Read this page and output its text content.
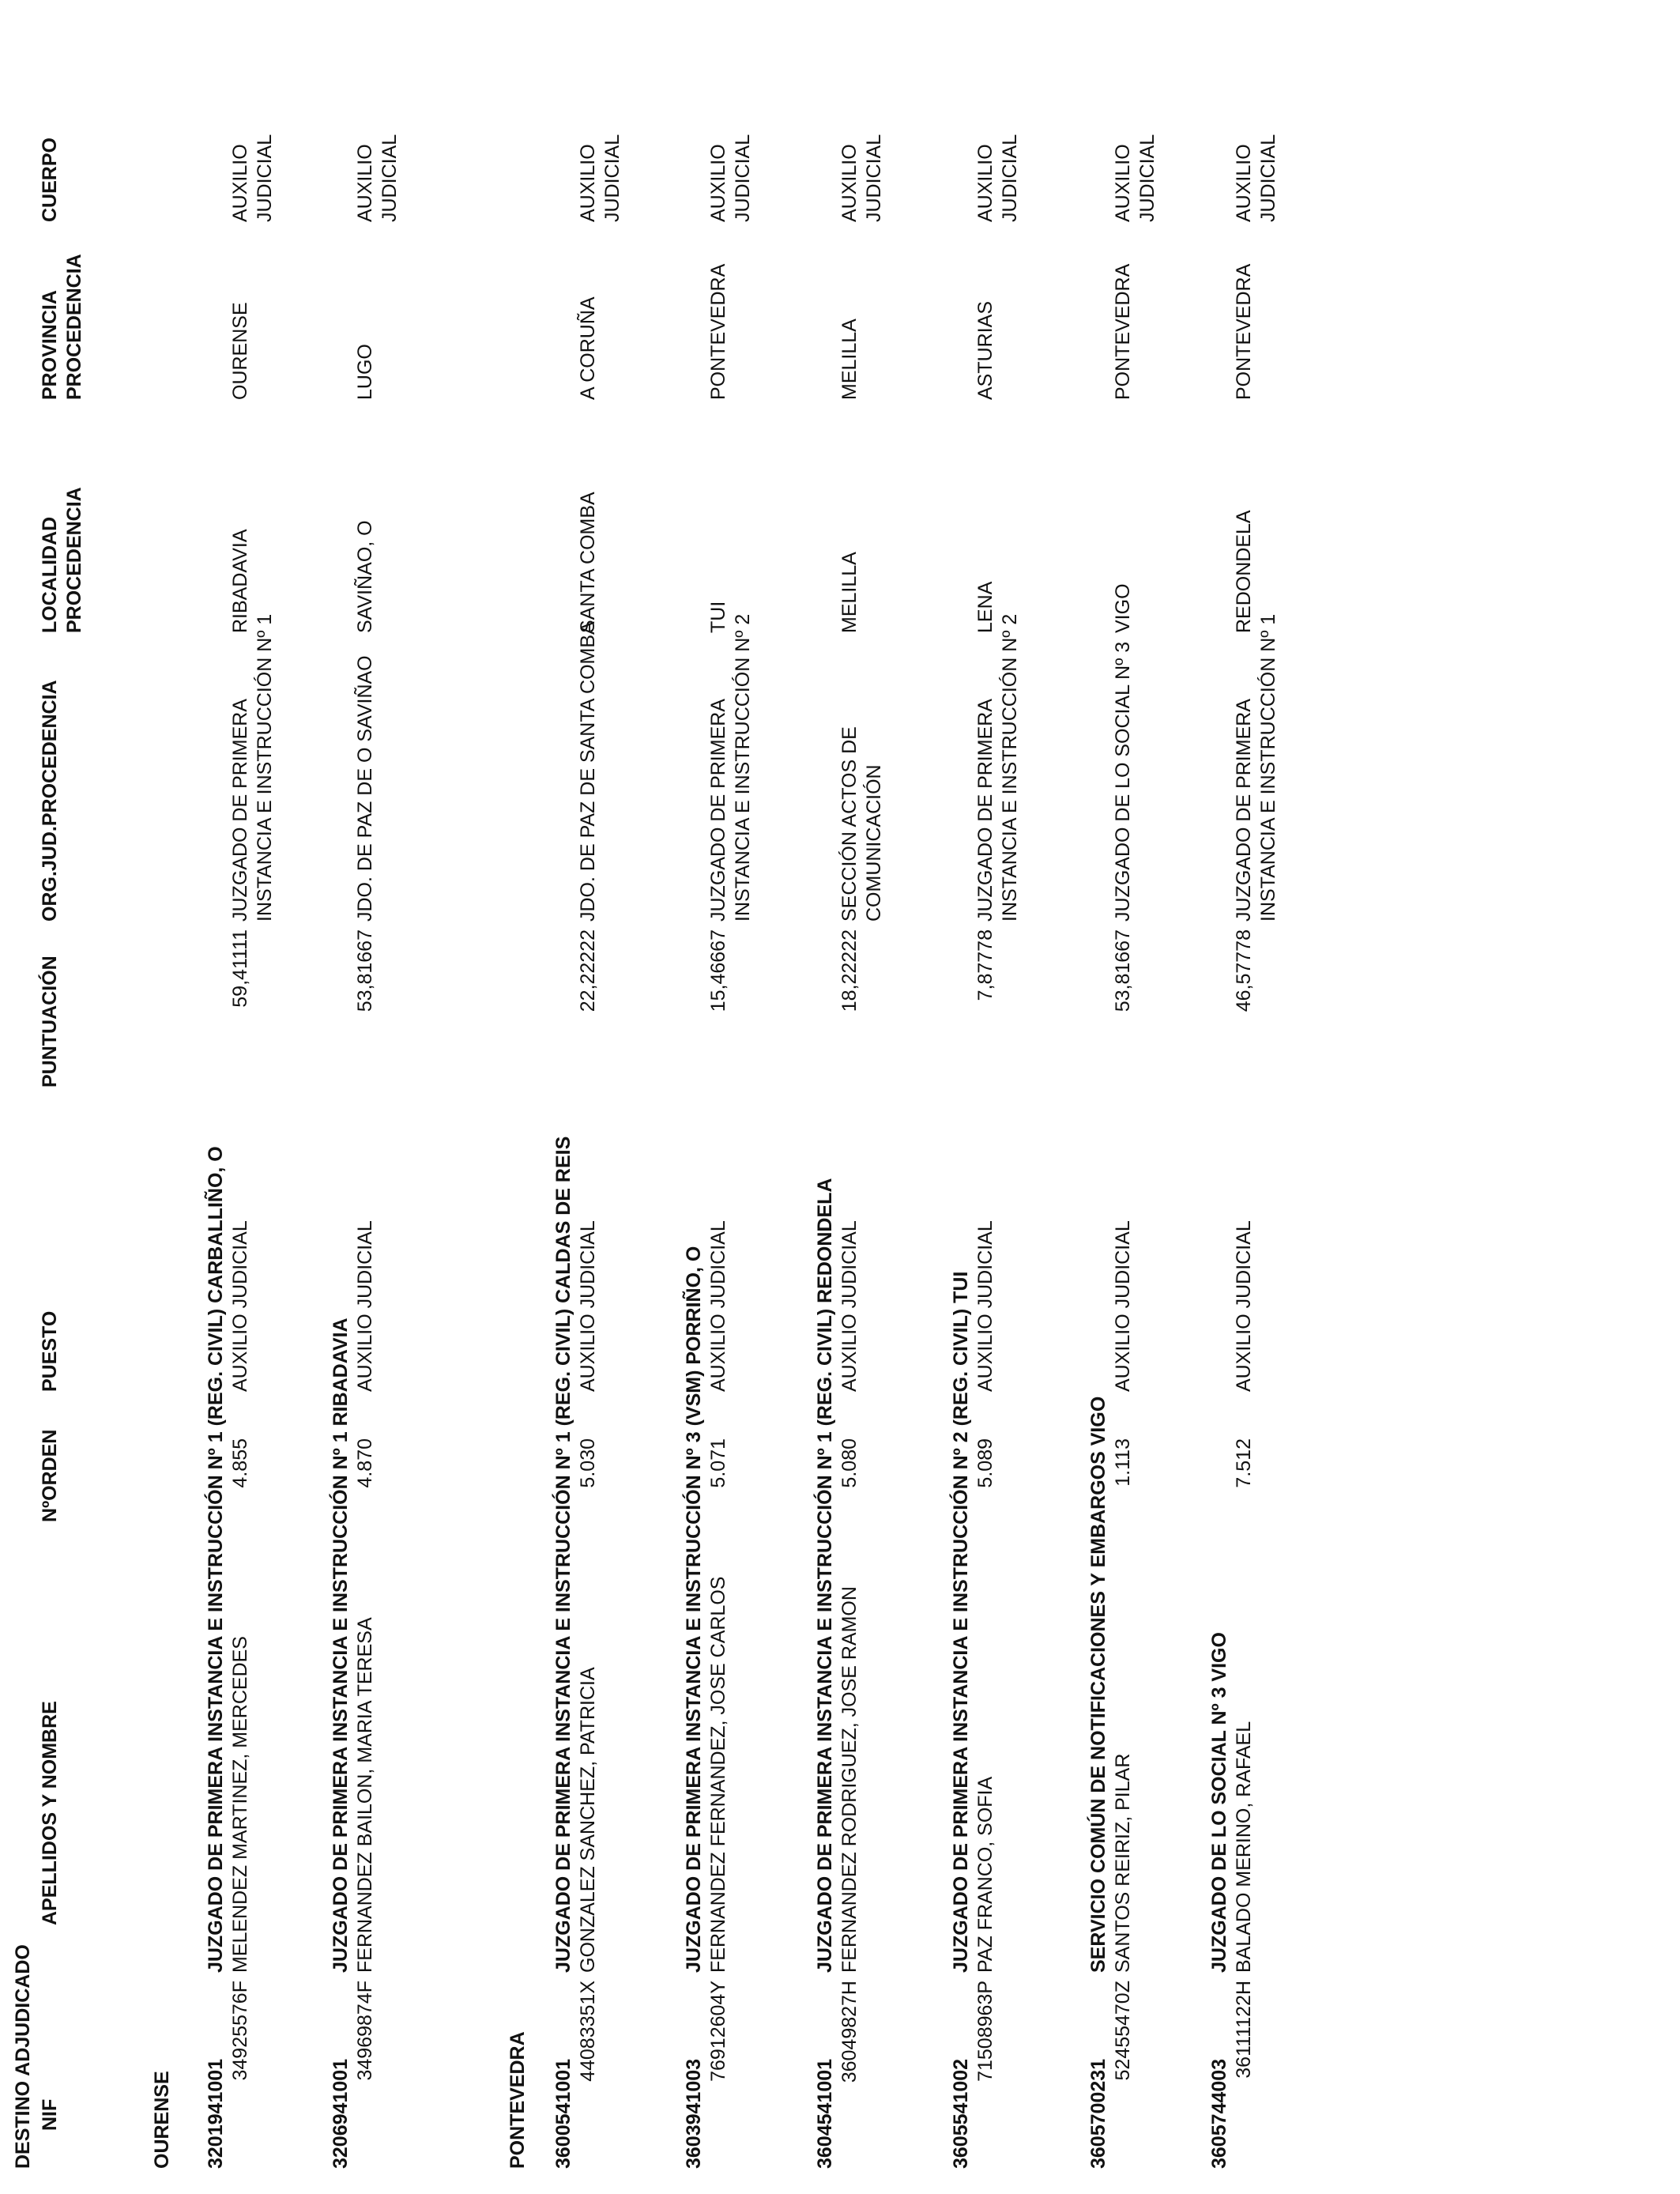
DESTINO ADJUDICADO NIF
APELLIDOS Y NOMBRE
NºORDEN
PUESTO
PUNTUACIÓN
ORG.JUD.PROCEDENCIA
LOCALIDAD PROCEDENCIA
PROVINCIA PROCEDENCIA
CUERPO
OURENSE	PONTEVEDRA
3201941001
JUZGADO DE PRIMERA INSTANCIA E INSTRUCCIÓN Nº 1 (REG. CIVIL) CARBALLIÑO, O
34925576F
MELENDEZ MARTINEZ, MERCEDES
4.855
AUXILIO JUDICIAL
59,41111
JUZGADO DE PRIMERA INSTANCIA E INSTRUCCIÓN Nº 1
RIBADAVIA
OURENSE
AUXILIO JUDICIAL
3206941001
JUZGADO DE PRIMERA INSTANCIA E INSTRUCCIÓN Nº 1 RIBADAVIA
34969874F
FERNANDEZ BAILON, MARIA TERESA
4.870
AUXILIO JUDICIAL
53,81667
JDO. DE PAZ DE O SAVIÑAO
SAVIÑAO, O
LUGO
AUXILIO JUDICIAL
3600541001
JUZGADO DE PRIMERA INSTANCIA E INSTRUCCIÓN Nº 1 (REG. CIVIL) CALDAS DE REIS
44083351X
GONZALEZ SANCHEZ, PATRICIA
5.030
AUXILIO JUDICIAL
22,22222
JDO. DE PAZ DE SANTA COMBA
SANTA COMBA
A CORUÑA
AUXILIO JUDICIAL
3603941003
JUZGADO DE PRIMERA INSTANCIA E INSTRUCCIÓN Nº 3 (VSM) PORRIÑO, O
76912604Y
FERNANDEZ FERNANDEZ, JOSE CARLOS
5.071
AUXILIO JUDICIAL
15,46667
JUZGADO DE PRIMERA INSTANCIA E INSTRUCCIÓN Nº 2
TUI
PONTEVEDRA
AUXILIO JUDICIAL
3604541001
JUZGADO DE PRIMERA INSTANCIA E INSTRUCCIÓN Nº 1 (REG. CIVIL) REDONDELA
36049827H
FERNANDEZ RODRIGUEZ, JOSE RAMON
5.080
AUXILIO JUDICIAL
18,22222
SECCIÓN ACTOS DE COMUNICACIÓN
MELILLA
MELILLA
AUXILIO JUDICIAL
3605541002
JUZGADO DE PRIMERA INSTANCIA E INSTRUCCIÓN Nº 2 (REG. CIVIL) TUI
71508963P
PAZ FRANCO, SOFIA
5.089
AUXILIO JUDICIAL
7,87778
JUZGADO DE PRIMERA INSTANCIA E INSTRUCCIÓN Nº 2
LENA
ASTURIAS
AUXILIO JUDICIAL
3605700231
SERVICIO COMÚN DE NOTIFICACIONES Y EMBARGOS VIGO
52455470Z
SANTOS REIRIZ, PILAR
1.113
AUXILIO JUDICIAL
53,81667
JUZGADO DE LO SOCIAL Nº 3
VIGO
PONTEVEDRA
AUXILIO JUDICIAL
3605744003
JUZGADO DE LO SOCIAL Nº 3 VIGO
36111122H
BALADO MERINO, RAFAEL
7.512
AUXILIO JUDICIAL
46,57778
JUZGADO DE PRIMERA INSTANCIA E INSTRUCCIÓN Nº 1
REDONDELA
PONTEVEDRA
AUXILIO JUDICIAL
